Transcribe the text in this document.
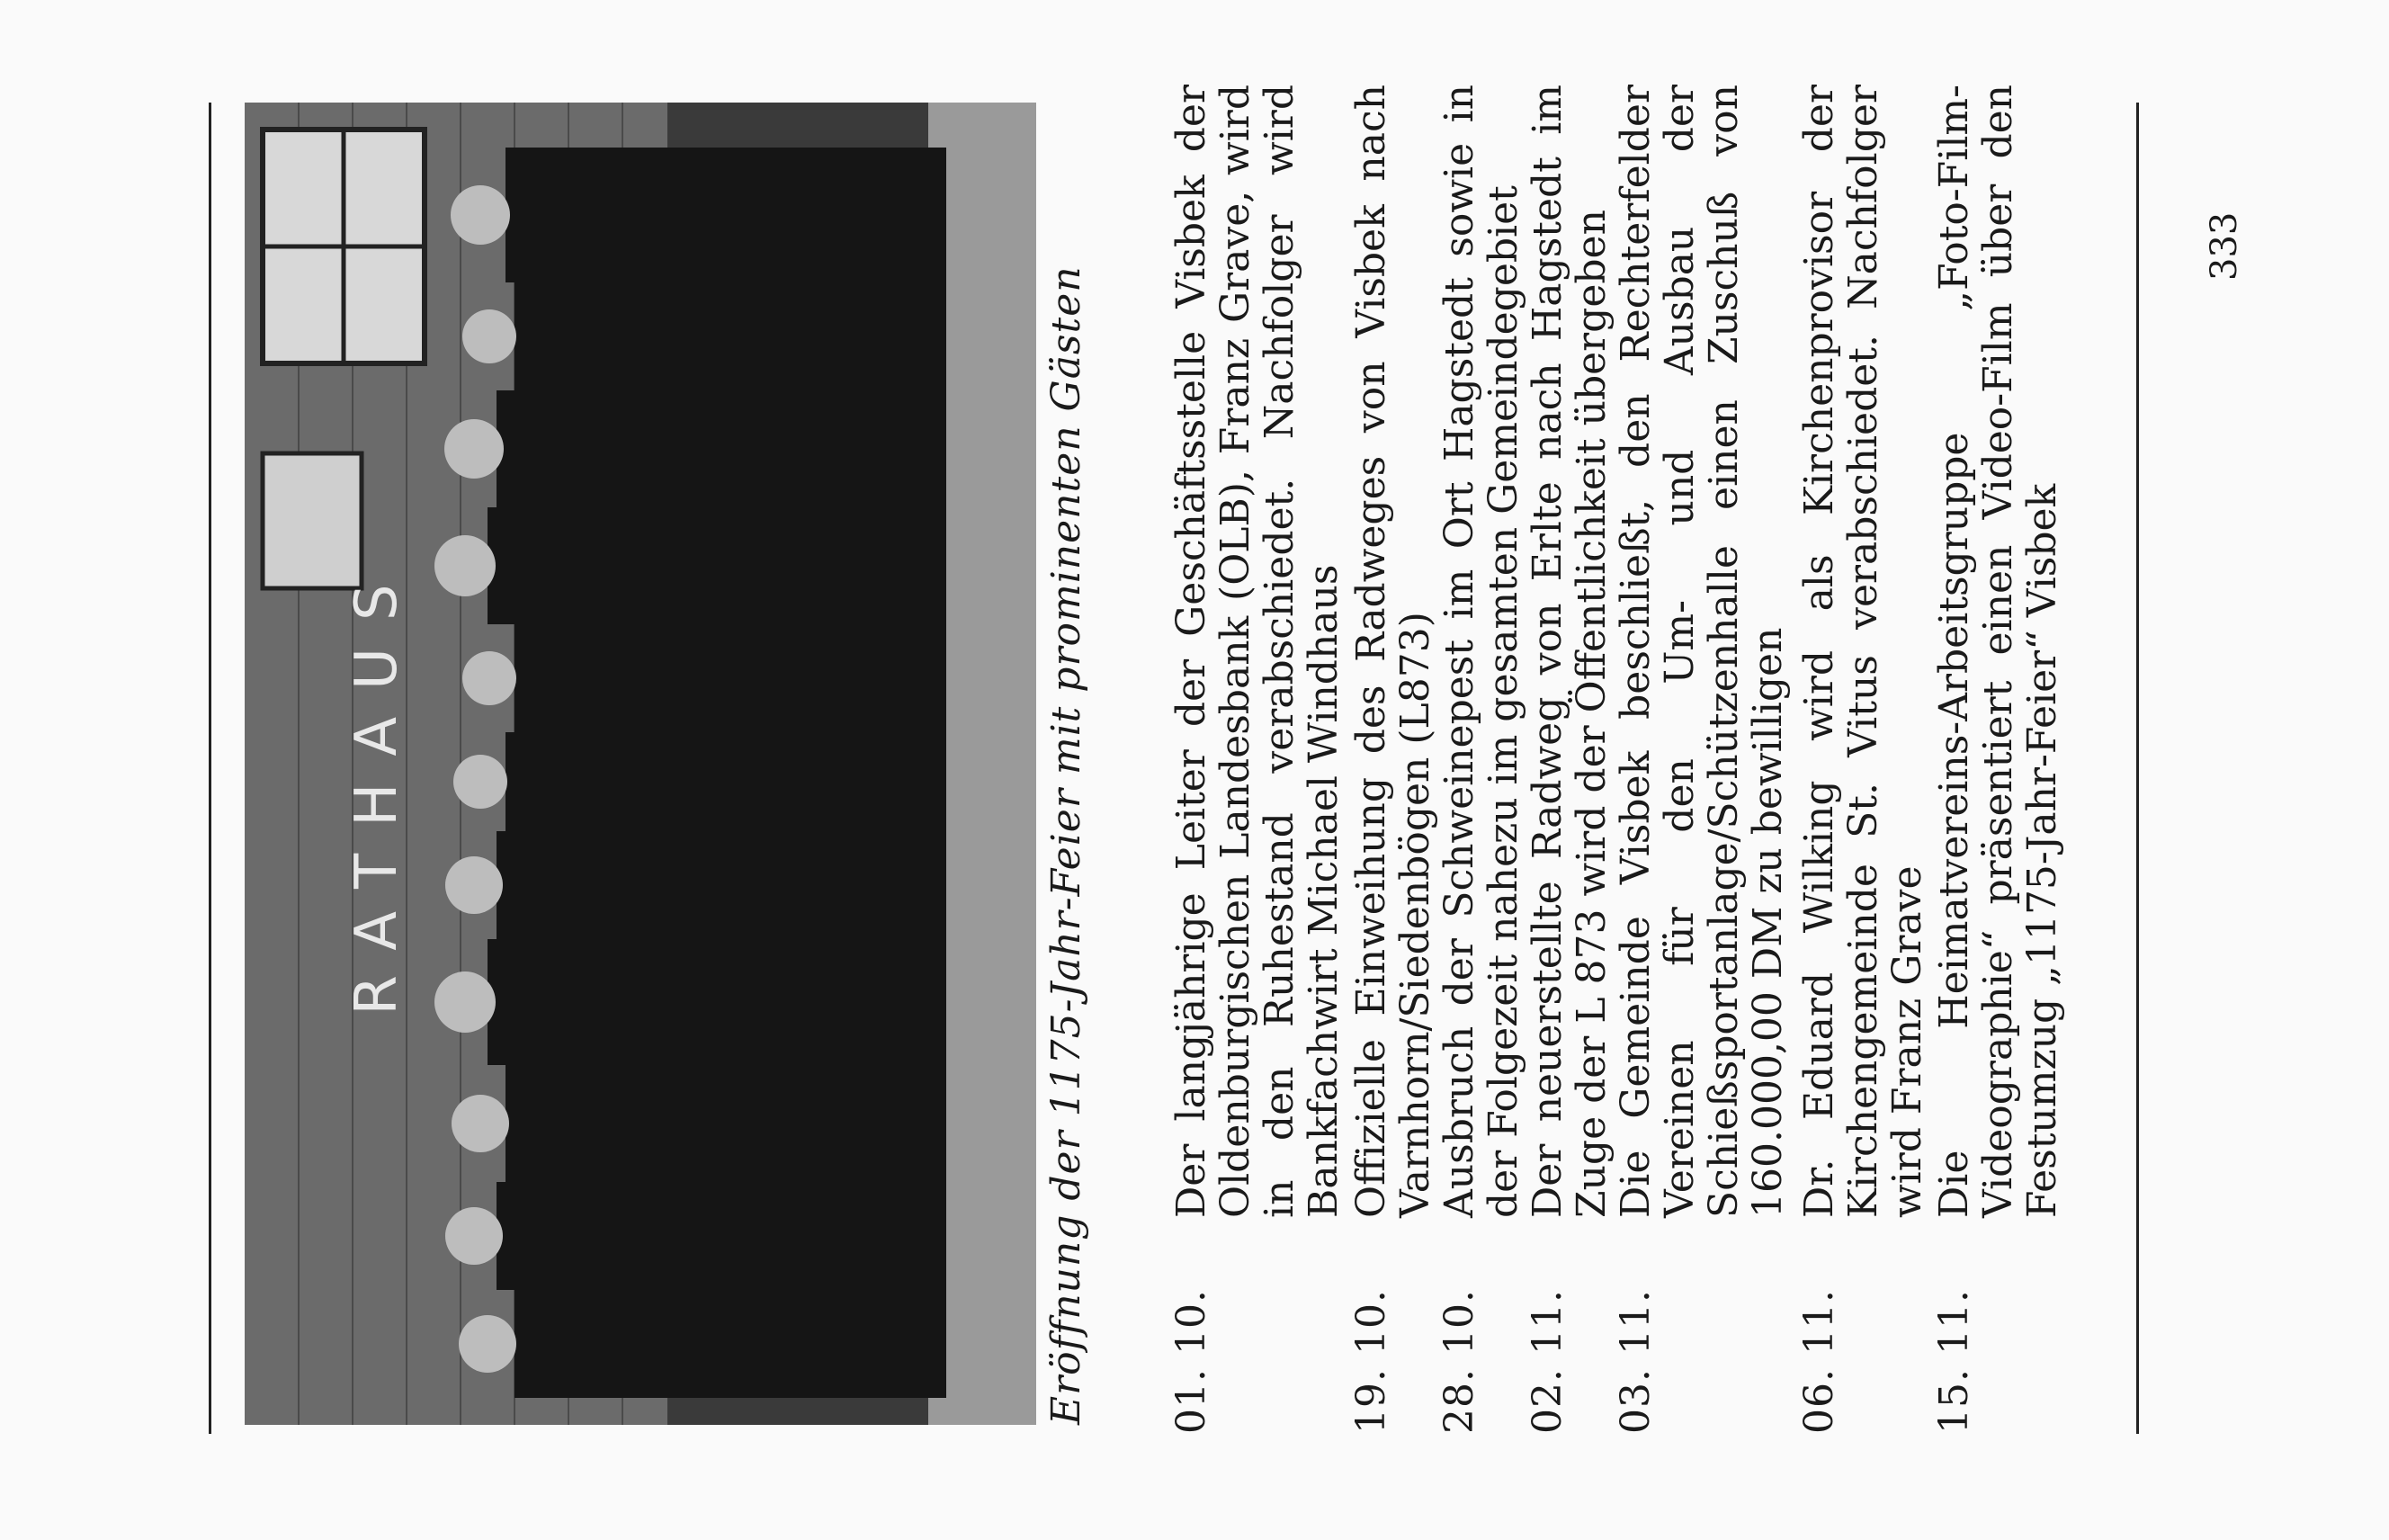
RATHAUS	Eröffnung der 1175-Jahr-Feier mit prominenten Gästen 01. 10.
Der langjährige Leiter der Geschäftsstelle Visbek der Oldenburgischen Landesbank (OLB), Franz Grave, wird in den Ruhestand verabschiedet. Nachfolger wird Bankfachwirt Michael Windhaus
19. 10.
Offizielle Einweihung des Radweges von Visbek nach Varnhorn/Siedenbögen (L873)
28. 10.
Ausbruch der Schweinepest im Ort Hagstedt sowie in der Folgezeit nahezu im gesamten Gemeindegebiet
02. 11.
Der neuerstellte Radweg von Erlte nach Hagstedt im Zuge der L 873 wird der Öffentlichkeit übergeben
03. 11.
Die Gemeinde Visbek beschließt, den Rechterfelder Vereinen für den Um- und Ausbau der Schießsportanlage/Schützenhalle einen Zuschuß von 160.000,00 DM zu bewilligen
06. 11.
Dr. Eduard Wilking wird als Kirchenprovisor der Kirchengemeinde St. Vitus verabschiedet. Nachfolger wird Franz Grave
15. 11.
Die Heimatvereins-Arbeitsgruppe „Foto-Film-Videographie“ präsentiert einen Video-Film über den Festumzug „1175-Jahr-Feier“ Visbek
333
